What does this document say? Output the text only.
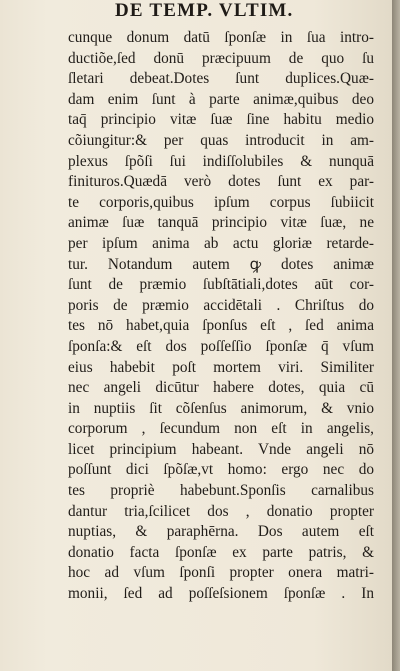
DE TEMP. VLTIM.
cunque donum datū ſponſæ in ſua intro-
ductiõe,ſed donū præcipuum de quo ſu
ſletari debeat.Dotes ſunt duplices.Quæ-
dam enim ſunt à parte animæ,quibus deo
taq̄ principio vitæ ſuæ ſine habitu medio
cõiungitur:& per quas introducit in am-
plexus ſpõſi ſui indiſſolubiles & nunquā
finituros.Quædā verò dotes ſunt ex par-
te corporis,quibus ipſum corpus ſubiicit
animæ ſuæ tanquā principio vitæ ſuæ, ne
per ipſum anima ab actu gloriæ retarde-
tur. Notandum autem ꝙ dotes animæ
ſunt de præmio ſubſtātiali,dotes aūt cor-
poris de præmio accidētali . Chriſtus do
tes nō habet,quia ſponſus eſt , ſed anima
ſponſa:& eſt dos poſſeſſio ſponſæ q̄ vſum
eius habebit poſt mortem viri. Similiter
nec angeli dicūtur habere dotes, quia cū
in nuptiis ſit cõſenſus animorum, & vnio
corporum , ſecundum non eſt in angelis,
licet principium habeant. Vnde angeli nō
poſſunt dici ſpõſæ,vt homo: ergo nec do
tes propriè habebunt.Sponſis carnalibus
dantur tria,ſcilicet dos , donatio propter
nuptias, & paraphērna. Dos autem eſt
donatio facta ſponſæ ex parte patris, &
hoc ad vſum ſponſi propter onera matri-
monii, ſed ad poſſeſsionem ſponſæ . In
